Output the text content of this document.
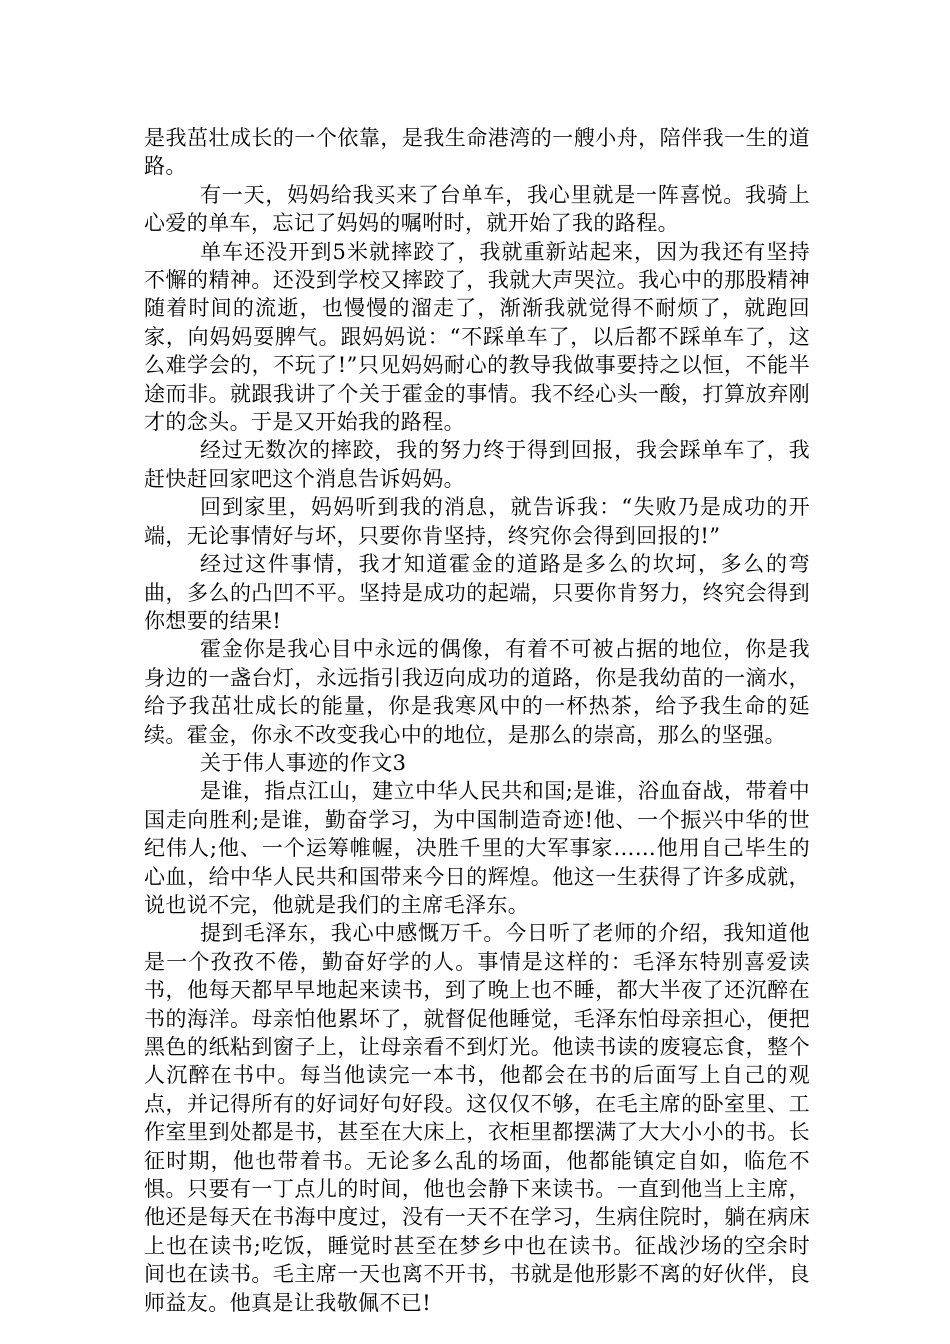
是我茁壮成长的一个依靠，是我生命港湾的一艘小舟，陪伴我一生的道路。

有一天，妈妈给我买来了台单车，我心里就是一阵喜悦。我骑上心爱的单车，忘记了妈妈的嘱咐时，就开始了我的路程。

单车还没开到5米就摔跤了，我就重新站起来，因为我还有坚持不懈的精神。还没到学校又摔跤了，我就大声哭泣。我心中的那股精神随着时间的流逝，也慢慢的溜走了，渐渐我就觉得不耐烦了，就跑回家，向妈妈耍脾气。跟妈妈说：“不踩单车了，以后都不踩单车了，这么难学会的，不玩了!”只见妈妈耐心的教导我做事要持之以恒，不能半途而非。就跟我讲了个关于霍金的事情。我不经心头一酸，打算放弃刚才的念头。于是又开始我的路程。

经过无数次的摔跤，我的努力终于得到回报，我会踩单车了，我赶快赶回家吧这个消息告诉妈妈。

回到家里，妈妈听到我的消息，就告诉我：“失败乃是成功的开端，无论事情好与坏，只要你肯坚持，终究你会得到回报的!”

经过这件事情，我才知道霍金的道路是多么的坎坷，多么的弯曲，多么的凸凹不平。坚持是成功的起端，只要你肯努力，终究会得到你想要的结果!

霍金你是我心目中永远的偶像，有着不可被占据的地位，你是我身边的一盏台灯，永远指引我迈向成功的道路，你是我幼苗的一滴水，给予我茁壮成长的能量，你是我寒风中的一杯热茶，给予我生命的延续。霍金，你永不改变我心中的地位，是那么的崇高，那么的坚强。

关于伟人事迹的作文3

是谁，指点江山，建立中华人民共和国;是谁，浴血奋战，带着中国走向胜利;是谁，勤奋学习，为中国制造奇迹!他、一个振兴中华的世纪伟人;他、一个运筹帷幄，决胜千里的大军事家……他用自己毕生的心血，给中华人民共和国带来今日的辉煌。他这一生获得了许多成就，说也说不完，他就是我们的主席毛泽东。

提到毛泽东，我心中感慨万千。今日听了老师的介绍，我知道他是一个孜孜不倦，勤奋好学的人。事情是这样的：毛泽东特别喜爱读书，他每天都早早地起来读书，到了晚上也不睡，都大半夜了还沉醉在书的海洋。母亲怕他累坏了，就督促他睡觉，毛泽东怕母亲担心，便把黑色的纸粘到窗子上，让母亲看不到灯光。他读书读的废寝忘食，整个人沉醉在书中。每当他读完一本书，他都会在书的后面写上自己的观点，并记得所有的好词好句好段。这仅仅不够，在毛主席的卧室里、工作室里到处都是书，甚至在大床上，衣柜里都摆满了大大小小的书。长征时期，他也带着书。无论多么乱的场面，他都能镇定自如，临危不惧。只要有一丁点儿的时间，他也会静下来读书。一直到他当上主席，他还是每天在书海中度过，没有一天不在学习，生病住院时，躺在病床上也在读书;吃饭，睡觉时甚至在梦乡中也在读书。征战沙场的空余时间也在读书。毛主席一天也离不开书，书就是他形影不离的好伙伴，良师益友。他真是让我敬佩不已!
